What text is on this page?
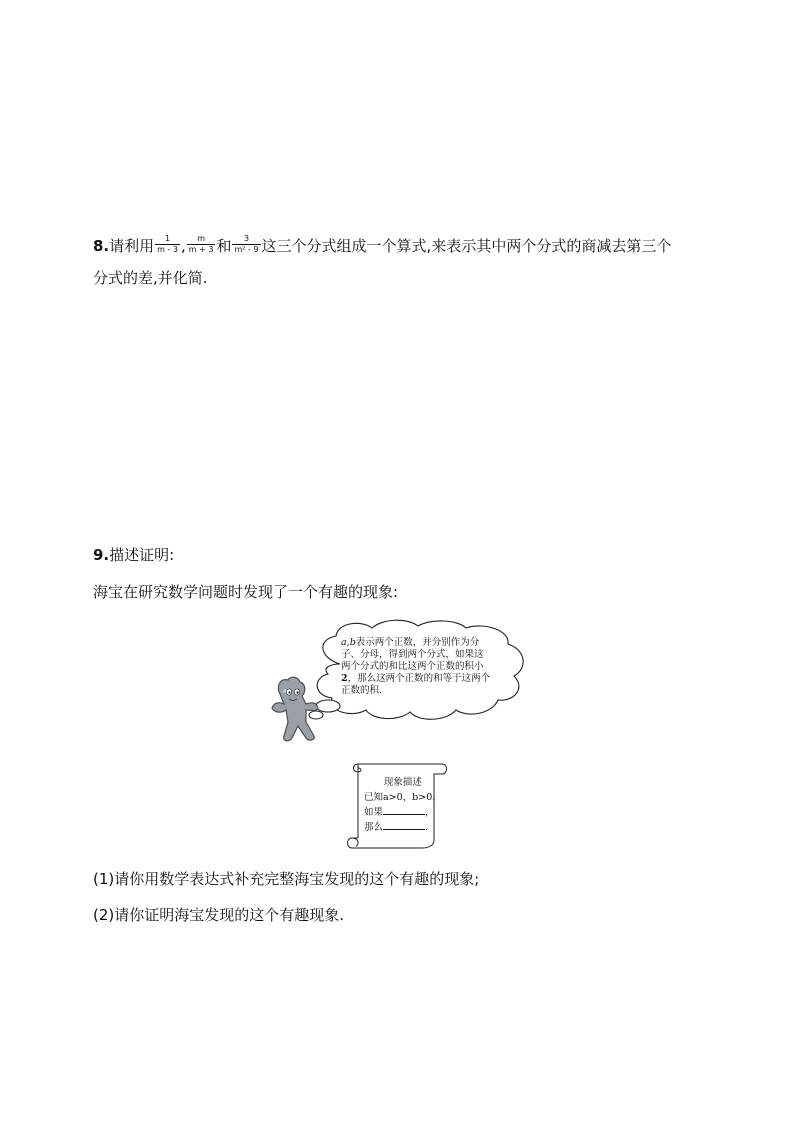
8.请利用 $\frac{1}{m - 3}$ , $\frac{m}{m + 3}$ 和 $\frac{3}{\text{m² - 9}}$ 这三个分式组成一个算式,来表示其中两个分式的商减去第三个
分式的差,并化简.
9.描述证明:
海宝在研究数学问题时发现了一个有趣的现象:
a,b表示两个正数，并分别作为分
子、分母，得到两个分式，如果这
两个分式的和比这两个正数的积小
2，那么这两个正数的和等于这两个
正数的积.
现象描述
已知a>0，b>0，
如果	，
那么	.
(1)请你用数学表达式补充完整海宝发现的这个有趣的现象;
(2)请你证明海宝发现的这个有趣现象.
